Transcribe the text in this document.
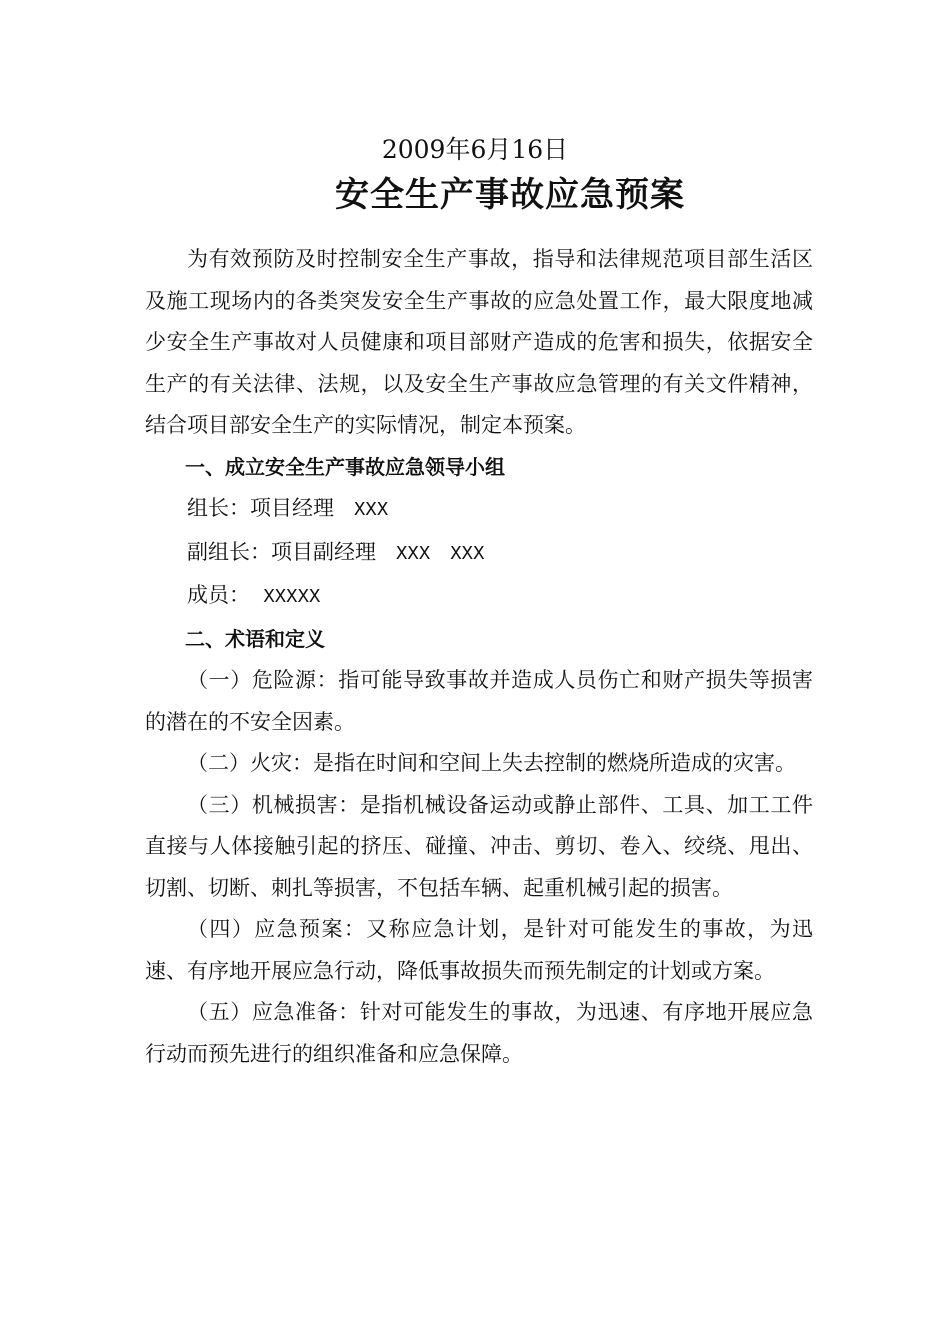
2009年6月16日
安全生产事故应急预案

为有效预防及时控制安全生产事故，指导和法律规范项目部生活区及施工现场内的各类突发安全生产事故的应急处置工作，最大限度地减少安全生产事故对人员健康和项目部财产造成的危害和损失，依据安全生产的有关法律、法规，以及安全生产事故应急管理的有关文件精神，结合项目部安全生产的实际情况，制定本预案。

一、成立安全生产事故应急领导小组

组长：项目经理 XXX

副组长：项目副经理 XXX XXX

成员： XXXXX

二、术语和定义

（一）危险源：指可能导致事故并造成人员伤亡和财产损失等损害的潜在的不安全因素。

（二）火灾：是指在时间和空间上失去控制的燃烧所造成的灾害。

（三）机械损害：是指机械设备运动或静止部件、工具、加工工件直接与人体接触引起的挤压、碰撞、冲击、剪切、卷入、绞绕、甩出、切割、切断、刺扎等损害，不包括车辆、起重机械引起的损害。

（四）应急预案：又称应急计划，是针对可能发生的事故，为迅速、有序地开展应急行动，降低事故损失而预先制定的计划或方案。

（五）应急准备：针对可能发生的事故，为迅速、有序地开展应急行动而预先进行的组织准备和应急保障。
